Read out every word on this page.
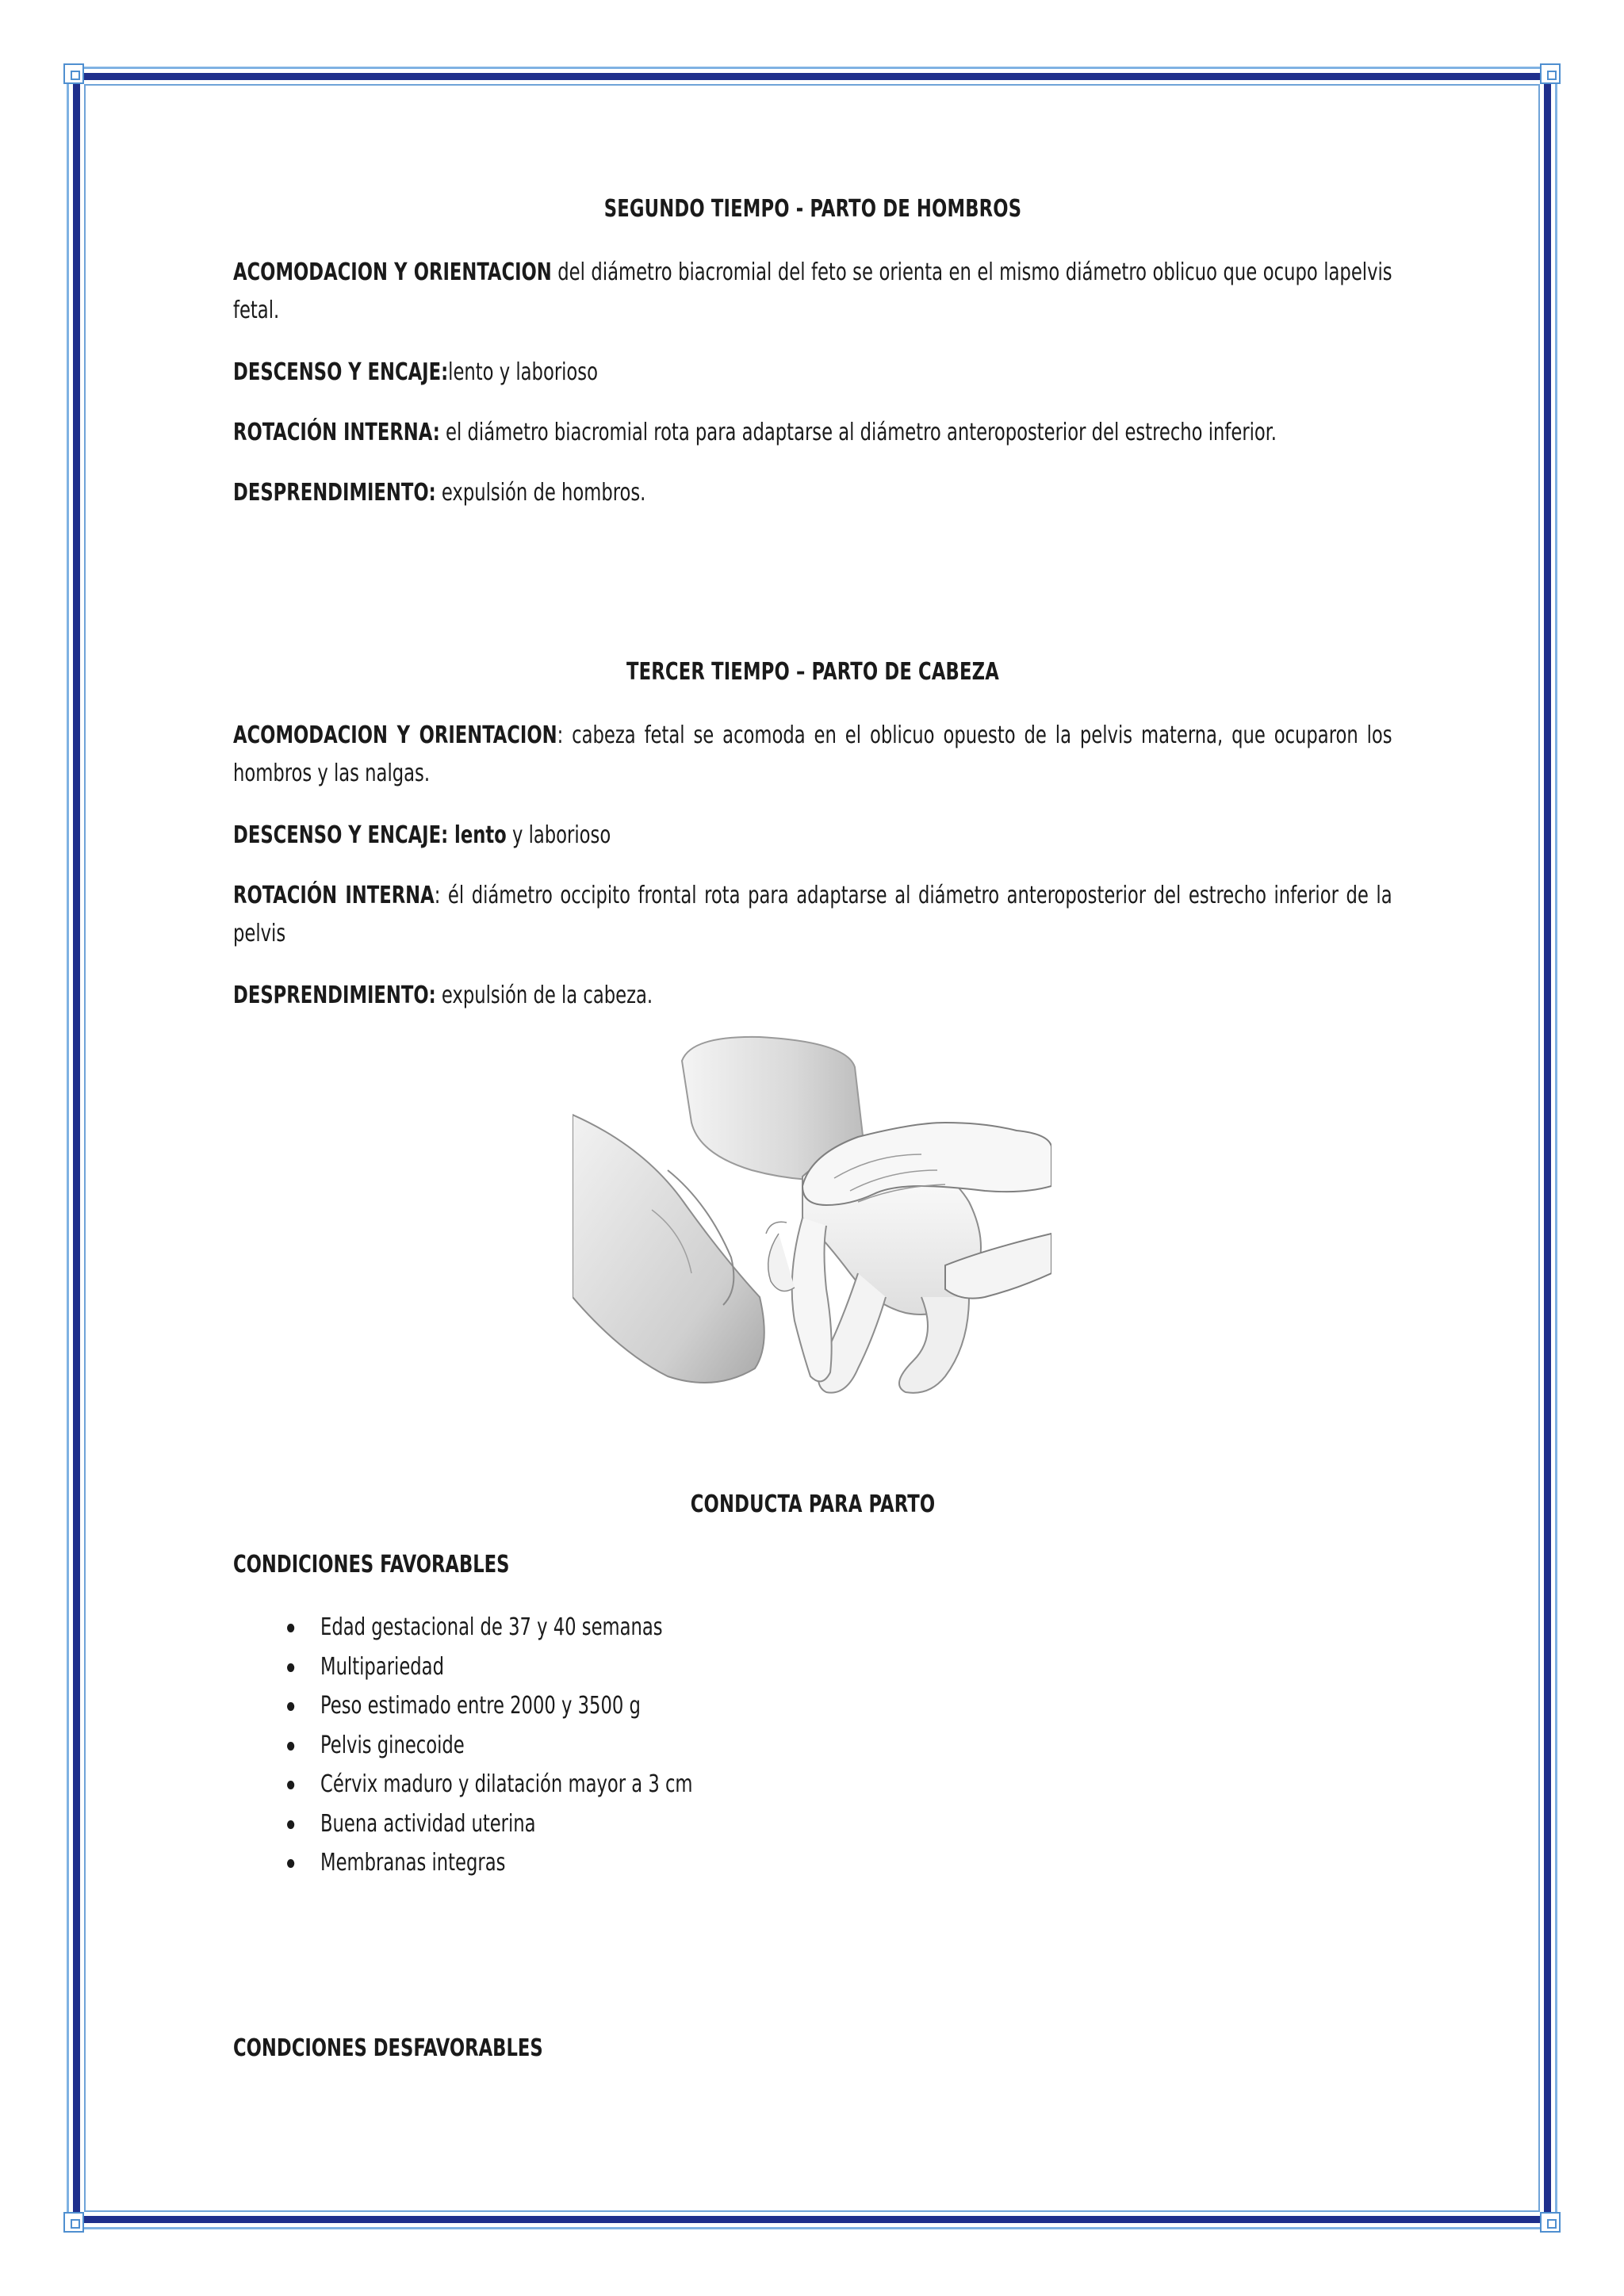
SEGUNDO TIEMPO - PARTO DE HOMBROS
ACOMODACION Y ORIENTACION del diámetro biacromial del feto se orienta en el mismo diámetro oblicuo que ocupo lapelvis fetal.
DESCENSO Y ENCAJE:lento y laborioso
ROTACIÓN INTERNA: el diámetro biacromial rota para adaptarse al diámetro anteroposterior del estrecho inferior.
DESPRENDIMIENTO: expulsión de hombros.
TERCER TIEMPO – PARTO DE CABEZA
ACOMODACION Y ORIENTACION: cabeza fetal se acomoda en el oblicuo opuesto de la pelvis materna, que ocuparon los hombros y las nalgas.
DESCENSO Y ENCAJE: lento y laborioso
ROTACIÓN INTERNA: él diámetro occipito frontal rota para adaptarse al diámetro anteroposterior del estrecho inferior de la pelvis
DESPRENDIMIENTO: expulsión de la cabeza.
CONDUCTA PARA PARTO
CONDICIONES FAVORABLES
Edad gestacional de 37 y 40 semanas
Multipariedad
Peso estimado entre 2000 y 3500 g
Pelvis ginecoide
Cérvix maduro y dilatación mayor a 3 cm
Buena actividad uterina
Membranas integras
CONDCIONES DESFAVORABLES
